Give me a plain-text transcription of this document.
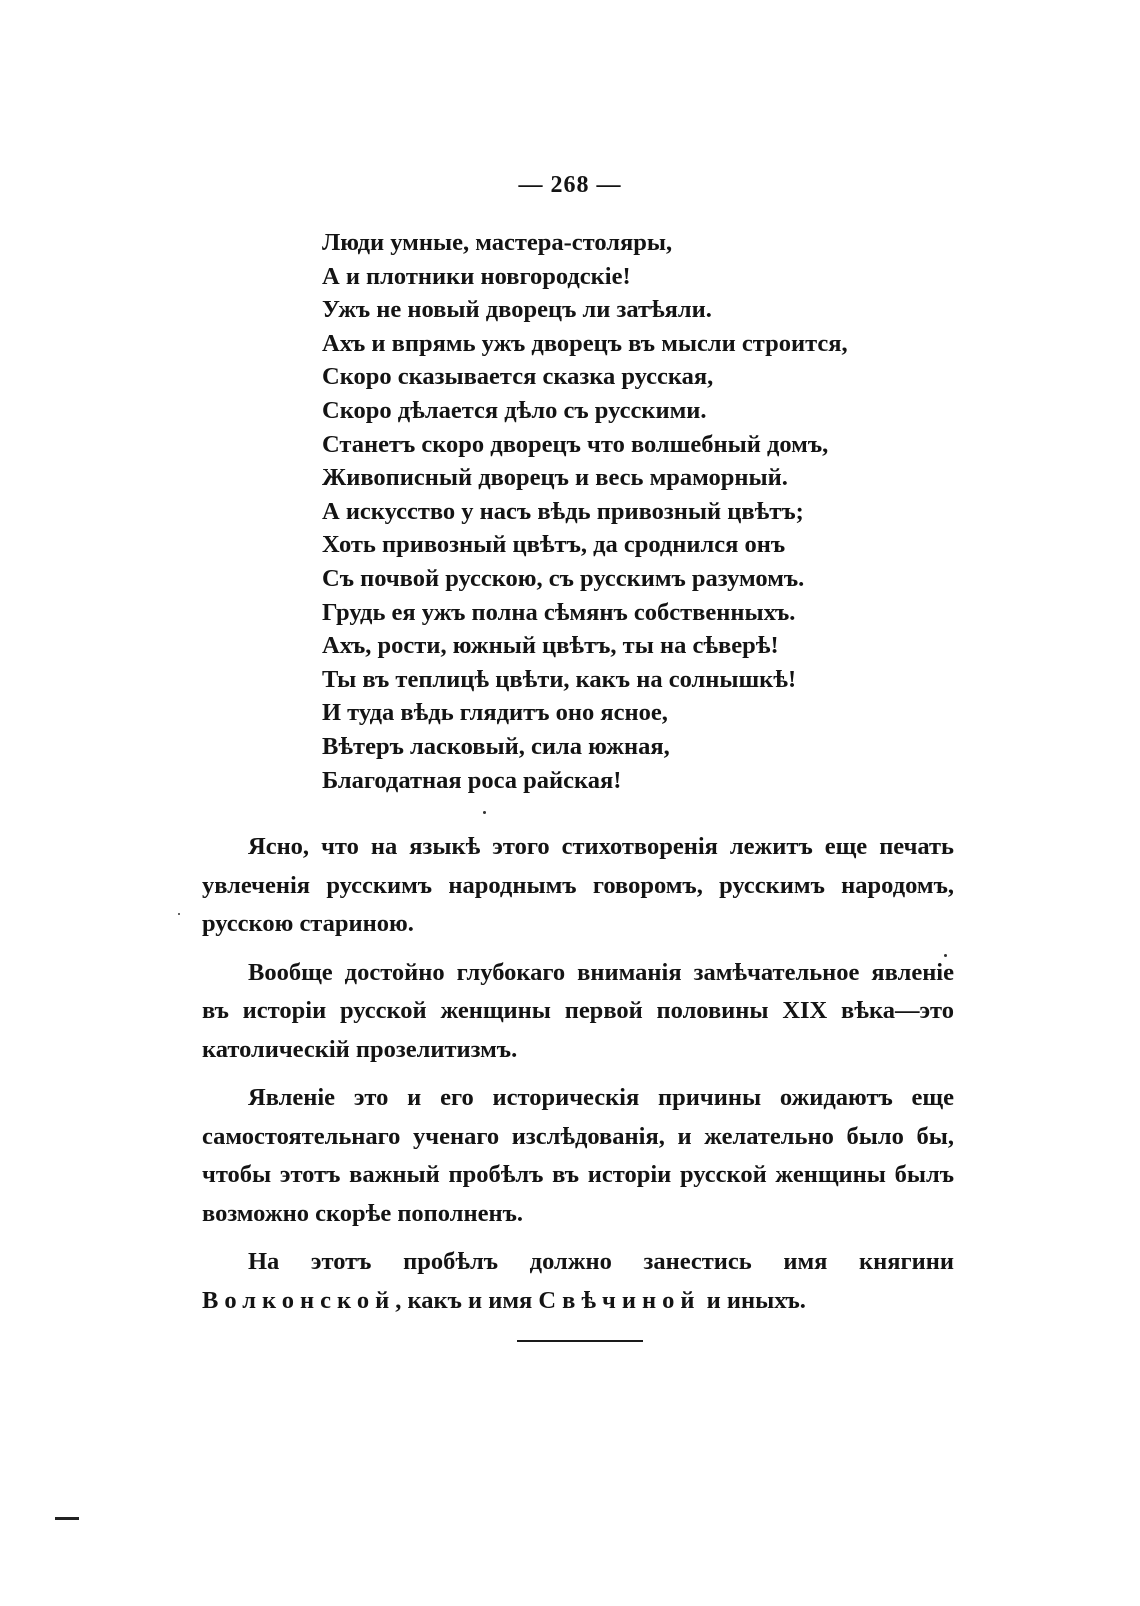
— 268 —
Люди умные, мастера-столяры,
А и плотники новгородскіе!
Ужъ не новый дворецъ ли затѣяли.
Ахъ и впрямь ужъ дворецъ въ мысли строится,
Скоро сказывается сказка русская,
Скоро дѣлается дѣло съ русскими.
Станетъ скоро дворецъ что волшебный домъ,
Живописный дворецъ и весь мраморный.
А искусство у насъ вѣдь привозный цвѣтъ;
Хоть привозный цвѣтъ, да сроднился онъ
Съ почвой русскою, съ русскимъ разумомъ.
Грудь ея ужъ полна сѣмянъ собственныхъ.
Ахъ, рости, южный цвѣтъ, ты на сѣверѣ!
Ты въ теплицѣ цвѣти, какъ на солнышкѣ!
И туда вѣдь глядитъ оно ясное,
Вѣтеръ ласковый, сила южная,
Благодатная роса райская!

Ясно, что на языкѣ этого стихотворенія лежитъ еще печать увлеченія русскимъ народнымъ говоромъ, русскимъ народомъ, русскою стариною.

Вообще достойно глубокаго вниманія замѣчательное явленіе въ исторіи русской женщины первой половины XIX вѣка—это католическій прозелитизмъ.

Явленіе это и его историческія причины ожидаютъ еще самостоятельнаго ученаго изслѣдованія, и желательно было бы, чтобы этотъ важный пробѣлъ въ исторіи русской женщины былъ возможно скорѣе пополненъ.

На этотъ пробѣлъ должно занестись имя княгини Волконской, какъ и имя Свѣчиной и иныхъ.
